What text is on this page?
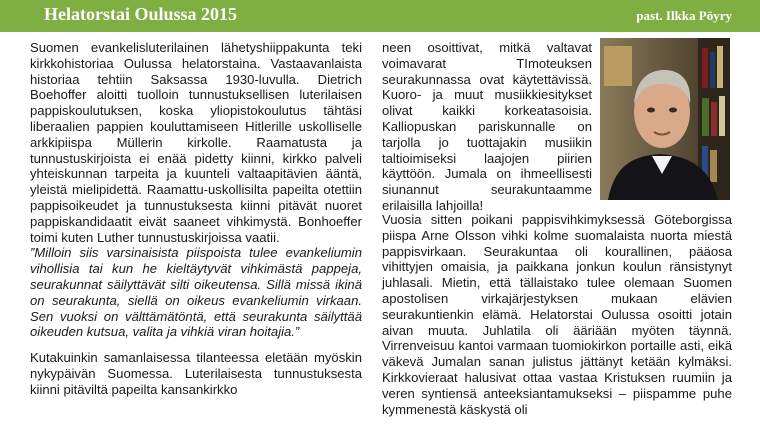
Helatorstai Oulussa 2015	past. Ilkka Pöyry

Suomen evankelisluterilainen lähetyshiippakunta teki kirkkohistoriaa Oulussa helatorstaina. Vastaavanlaista historiaa tehtiin Saksassa 1930-luvulla. Dietrich Boehoffer aloitti tuolloin tunnustuksellisen luterilaisen pappiskoulutuksen, koska yliopistokoulutus tähtäsi liberaalien pappien kouluttamiseen Hitlerille uskolliselle arkkipiispa Müllerin kirkolle. Raamatusta ja tunnustuskirjoista ei enää pidetty kiinni, kirkko palveli yhteiskunnan tarpeita ja kuunteli valtaapitävien ääntä, yleistä mielipidettä. Raamattu-uskollisilta papeilta otettiin pappisoikeudet ja tunnustuksesta kiinni pitävät nuoret pappiskandidaatit eivät saaneet vihkimystä. Bonhoeffer toimi kuten Luther tunnustuskirjoissa vaatii.

”Milloin siis varsinaisista piispoista tulee evankeliumin vihollisia tai kun he kieltäytyvät vihkimästä pappeja, seurakunnat säilyttävät silti oikeutensa. Sillä missä ikinä on seurakunta, siellä on oikeus evankeliumin virkaan. Sen vuoksi on välttämätöntä, että seurakunta säilyttää oikeuden kutsua, valita ja vihkiä viran hoitajia.”

Kutakuinkin samanlaisessa tilanteessa eletään myöskin nykypäivän Suomessa. Luterilaisesta tunnustuksesta kiinni pitäviltä papeilta kansankirkko

neen osoittivat, mitkä valtavat voimavarat TImoteuksen seurakunnassa ovat käytettävissä. Kuoro- ja muut musiikkiesitykset olivat kaikki korkeatasoisia. Kalliopuskan pariskunnalle on tarjolla jo tuottajakin musiikin taltioimiseksi laajojen piirien käyttöön. Jumala on ihmeellisesti siunannut seurakuntaamme erilaisilla lahjoilla!

Vuosia sitten poikani pappisvihkimyksessä Göteborgissa piispa Arne Olsson vihki kolme suomalaista nuorta miestä pappisvirkaan. Seurakuntaa oli kourallinen, pääosa vihittyjen omaisia, ja paikkana jonkun koulun ränsistynyt juhlasali. Mietin, että tällaistako tulee olemaan Suomen apostolisen virkajärjestyksen mukaan elävien seurakuntienkin elämä. Helatorstai Oulussa osoitti jotain aivan muuta. Juhlatila oli ääriään myöten täynnä. Virrenveisuu kantoi varmaan tuomiokirkon portaille asti, eikä väkevä Jumalan sanan julistus jättänyt ketään kylmäksi. Kirkkovieraat halusivat ottaa vastaa Kristuksen ruumiin ja veren syntiensä anteeksiantamukseksi – piispamme puhe kymmenestä käskystä oli
